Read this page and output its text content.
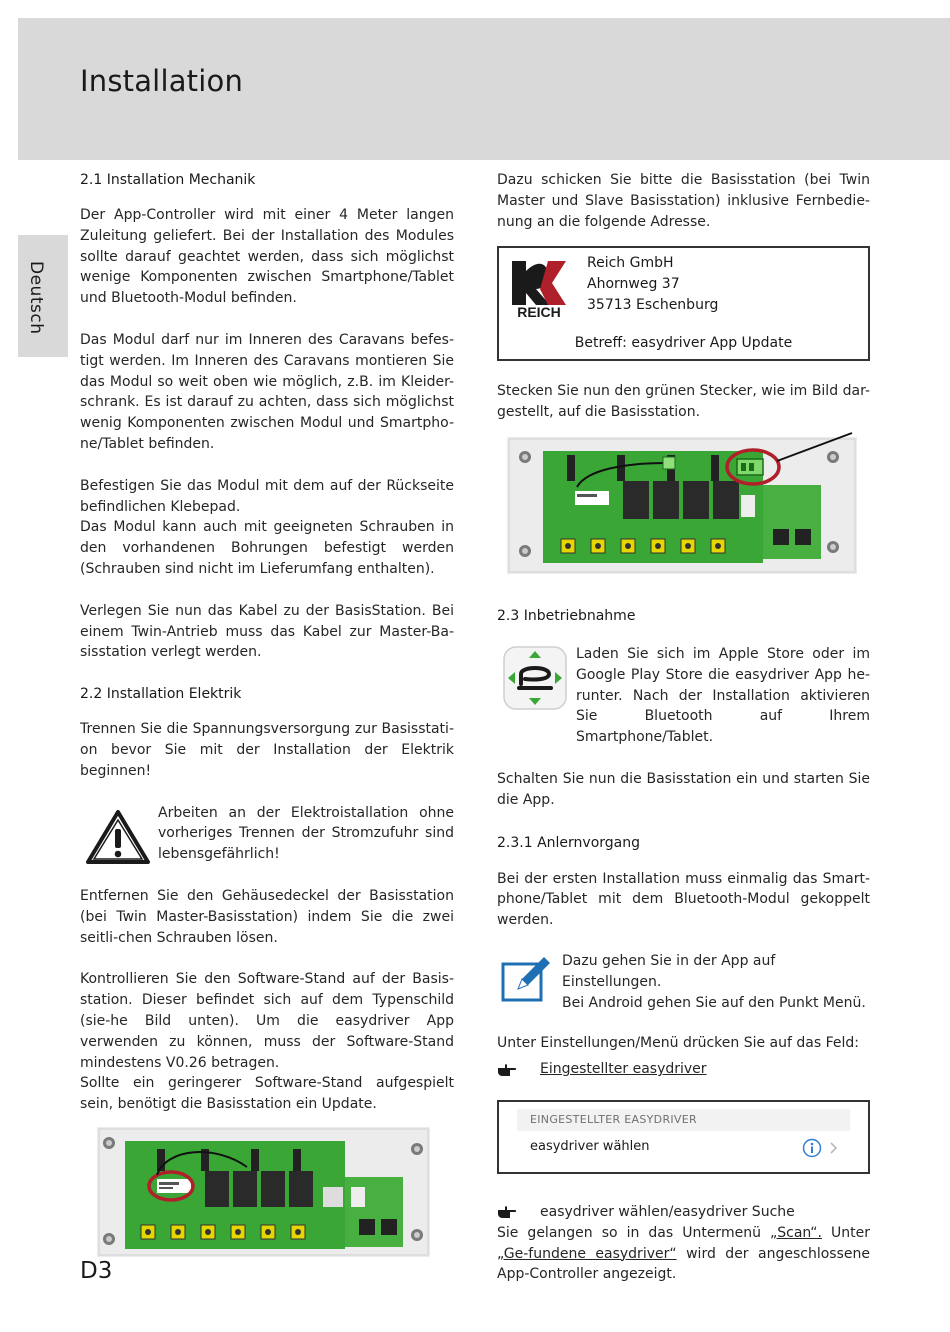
Installation
Deutsch
2.1 Installation Mechanik
Der App-Controller wird mit einer 4 Meter langen Zuleitung geliefert. Bei der Installation des Modules sollte darauf geachtet werden, dass sich möglichst wenige Komponenten zwischen Smartphone/Tablet und Bluetooth-Modul befinden.
Das Modul darf nur im Inneren des Caravans befes-tigt werden. Im Inneren des Caravans montieren Sie das Modul so weit oben wie möglich, z.B. im Kleider-schrank. Es ist darauf zu achten, dass sich möglichst wenig Komponenten zwischen Modul und Smartpho-ne/Tablet befinden.
Befestigen Sie das Modul mit dem auf der Rückseite befindlichen Klebepad.
Das Modul kann auch mit geeigneten Schrauben in den vorhandenen Bohrungen befestigt werden (Schrauben sind nicht im Lieferumfang enthalten).
Verlegen Sie nun das Kabel zu der BasisStation. Bei einem Twin-Antrieb muss das Kabel zur Master-Ba-sisstation verlegt werden.
2.2 Installation Elektrik
Trennen Sie die Spannungsversorgung zur Basisstati-on bevor Sie mit der Installation der Elektrik beginnen!
Arbeiten an der Elektroistallation ohne vorheriges Trennen der Stromzufuhr sind lebensgefährlich!
Entfernen Sie den Gehäusedeckel der Basisstation (bei Twin Master-Basisstation) indem Sie die zwei seitli-chen Schrauben lösen.
Kontrollieren Sie den Software-Stand auf der Basis-station. Dieser befindet sich auf dem Typenschild (sie-he Bild unten). Um die easydriver App verwenden zu können, muss der Software-Stand mindestens V0.26 betragen.
Sollte ein geringerer Software-Stand aufgespielt sein, benötigt die Basisstation ein Update.
Dazu schicken Sie bitte die Basisstation (bei Twin Master und Slave Basisstation) inklusive Fernbedie-nung an die folgende Adresse.
REICH
Reich GmbH
Ahornweg 37
35713 Eschenburg
Betreff: easydriver App Update
Stecken Sie nun den grünen Stecker, wie im Bild dar-gestellt, auf die Basisstation.
2.3 Inbetriebnahme
Laden Sie sich im Apple Store oder im Google Play Store die easydriver App he-runter. Nach der Installation aktivieren Sie Bluetooth auf Ihrem Smartphone/Tablet.
Schalten Sie nun die Basisstation ein und starten Sie die App.
2.3.1 Anlernvorgang
Bei der ersten Installation muss einmalig das Smart-phone/Tablet mit dem Bluetooth-Modul gekoppelt werden.
Dazu gehen Sie in der App auf Einstellungen.
Bei Android gehen Sie auf den Punkt Menü.
Unter Einstellungen/Menü drücken Sie auf das Feld:
Eingestellter easydriver
EINGESTELLTER EASYDRIVER
easydriver wählen
easydriver wählen/easydriver Suche
Sie gelangen so in das Untermenü „Scan“. Unter „Ge-fundene easydriver“ wird der angeschlossene App-Controller angezeigt.
D3
